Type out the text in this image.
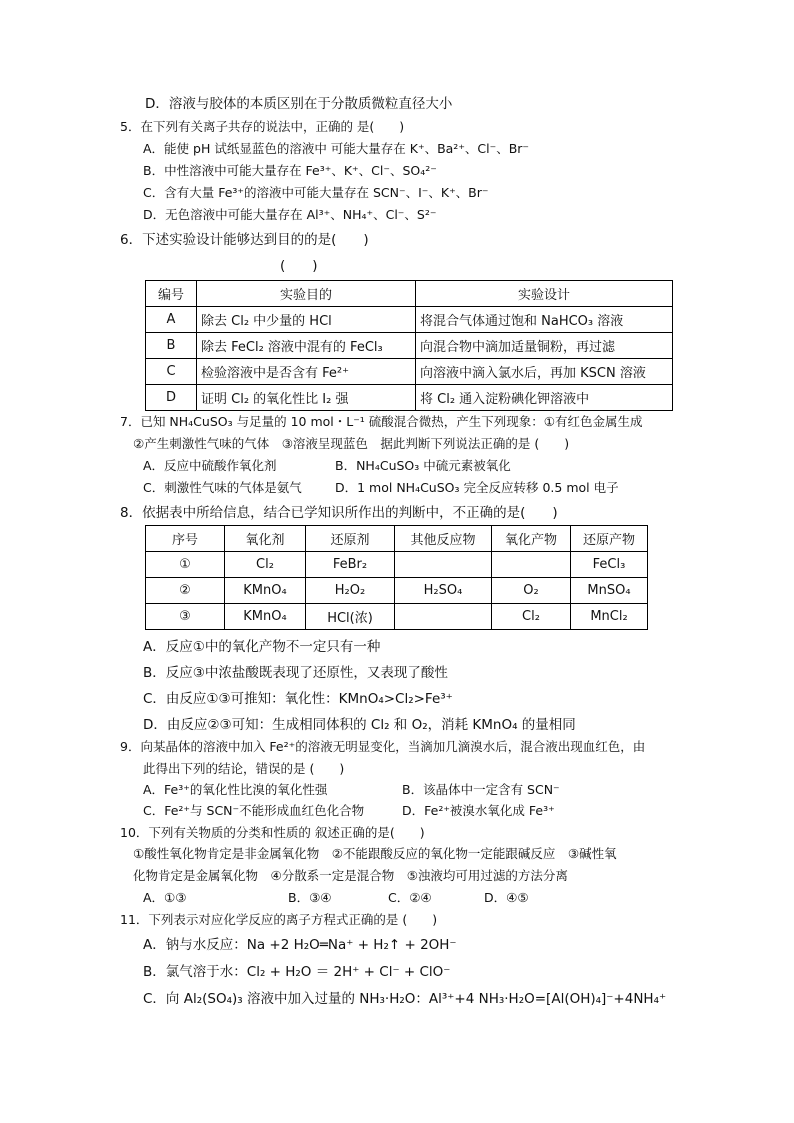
D．溶液与胶体的本质区别在于分散质微粒直径大小
5．在下列有关离子共存的说法中，正确的 是(　　)
A．能使 pH 试纸显蓝色的溶液中 可能大量存在 K⁺、Ba²⁺、Cl⁻、Br⁻
B．中性溶液中可能大量存在 Fe³⁺、K⁺、Cl⁻、SO₄²⁻
C．含有大量 Fe³⁺的溶液中可能大量存在 SCN⁻、I⁻、K⁺、Br⁻
D．无色溶液中可能大量存在 Al³⁺、NH₄⁺、Cl⁻、S²⁻
6．下述实验设计能够达到目的的是(　　)
(　　)
编号	实验目的	实验设计
A	除去 Cl₂ 中少量的 HCl	将混合气体通过饱和 NaHCO₃ 溶液
B	除去 FeCl₂ 溶液中混有的 FeCl₃	向混合物中滴加适量铜粉，再过滤
C	检验溶液中是否含有 Fe²⁺	向溶液中滴入氯水后，再加 KSCN 溶液
D	证明 Cl₂ 的氧化性比 I₂ 强	将 Cl₂ 通入淀粉碘化钾溶液中
7．已知 NH₄CuSO₃ 与足量的 10 mol・L⁻¹ 硫酸混合微热，产生下列现象：①有红色金属生成
②产生刺激性气味的气体　③溶液呈现蓝色　据此判断下列说法正确的是 (　　)
A．反应中硫酸作氧化剂	B．NH₄CuSO₃ 中硫元素被氧化
C．刺激性气味的气体是氨气	D．1 mol NH₄CuSO₃ 完全反应转移 0.5 mol 电子
8．依据表中所给信息，结合已学知识所作出的判断中，不正确的是(　　)
序号	氧化剂	还原剂	其他反应物	氧化产物	还原产物
①	Cl₂	FeBr₂			FeCl₃
②	KMnO₄	H₂O₂	H₂SO₄	O₂	MnSO₄
③	KMnO₄	HCl(浓)		Cl₂	MnCl₂
A．反应①中的氧化产物不一定只有一种
B．反应③中浓盐酸既表现了还原性，又表现了酸性
C．由反应①③可推知：氧化性：KMnO₄>Cl₂>Fe³⁺
D．由反应②③可知：生成相同体积的 Cl₂ 和 O₂，消耗 KMnO₄ 的量相同
9．向某晶体的溶液中加入 Fe²⁺的溶液无明显变化，当滴加几滴溴水后，混合液出现血红色，由
此得出下列的结论，错误的是 (　　)
A．Fe³⁺的氧化性比溴的氧化性强	B．该晶体中一定含有 SCN⁻
C．Fe²⁺与 SCN⁻不能形成血红色化合物	D．Fe²⁺被溴水氧化成 Fe³⁺
10．下列有关物质的分类和性质的 叙述正确的是(　　)
①酸性氧化物肯定是非金属氧化物　②不能跟酸反应的氧化物一定能跟碱反应　③碱性氧
化物肯定是金属氧化物　④分散系一定是混合物　⑤浊液均可用过滤的方法分离
A．①③	B．③④	C．②④	D．④⑤
11．下列表示对应化学反应的离子方程式正确的是 (　　)
A．钠与水反应：Na +2 H₂O═Na⁺ + H₂↑ + 2OH⁻
B．氯气溶于水：Cl₂ + H₂O ＝ 2H⁺ + Cl⁻ + ClO⁻
C．向 Al₂(SO₄)₃ 溶液中加入过量的 NH₃·H₂O：Al³⁺+4 NH₃·H₂O=[Al(OH)₄]⁻+4NH₄⁺
